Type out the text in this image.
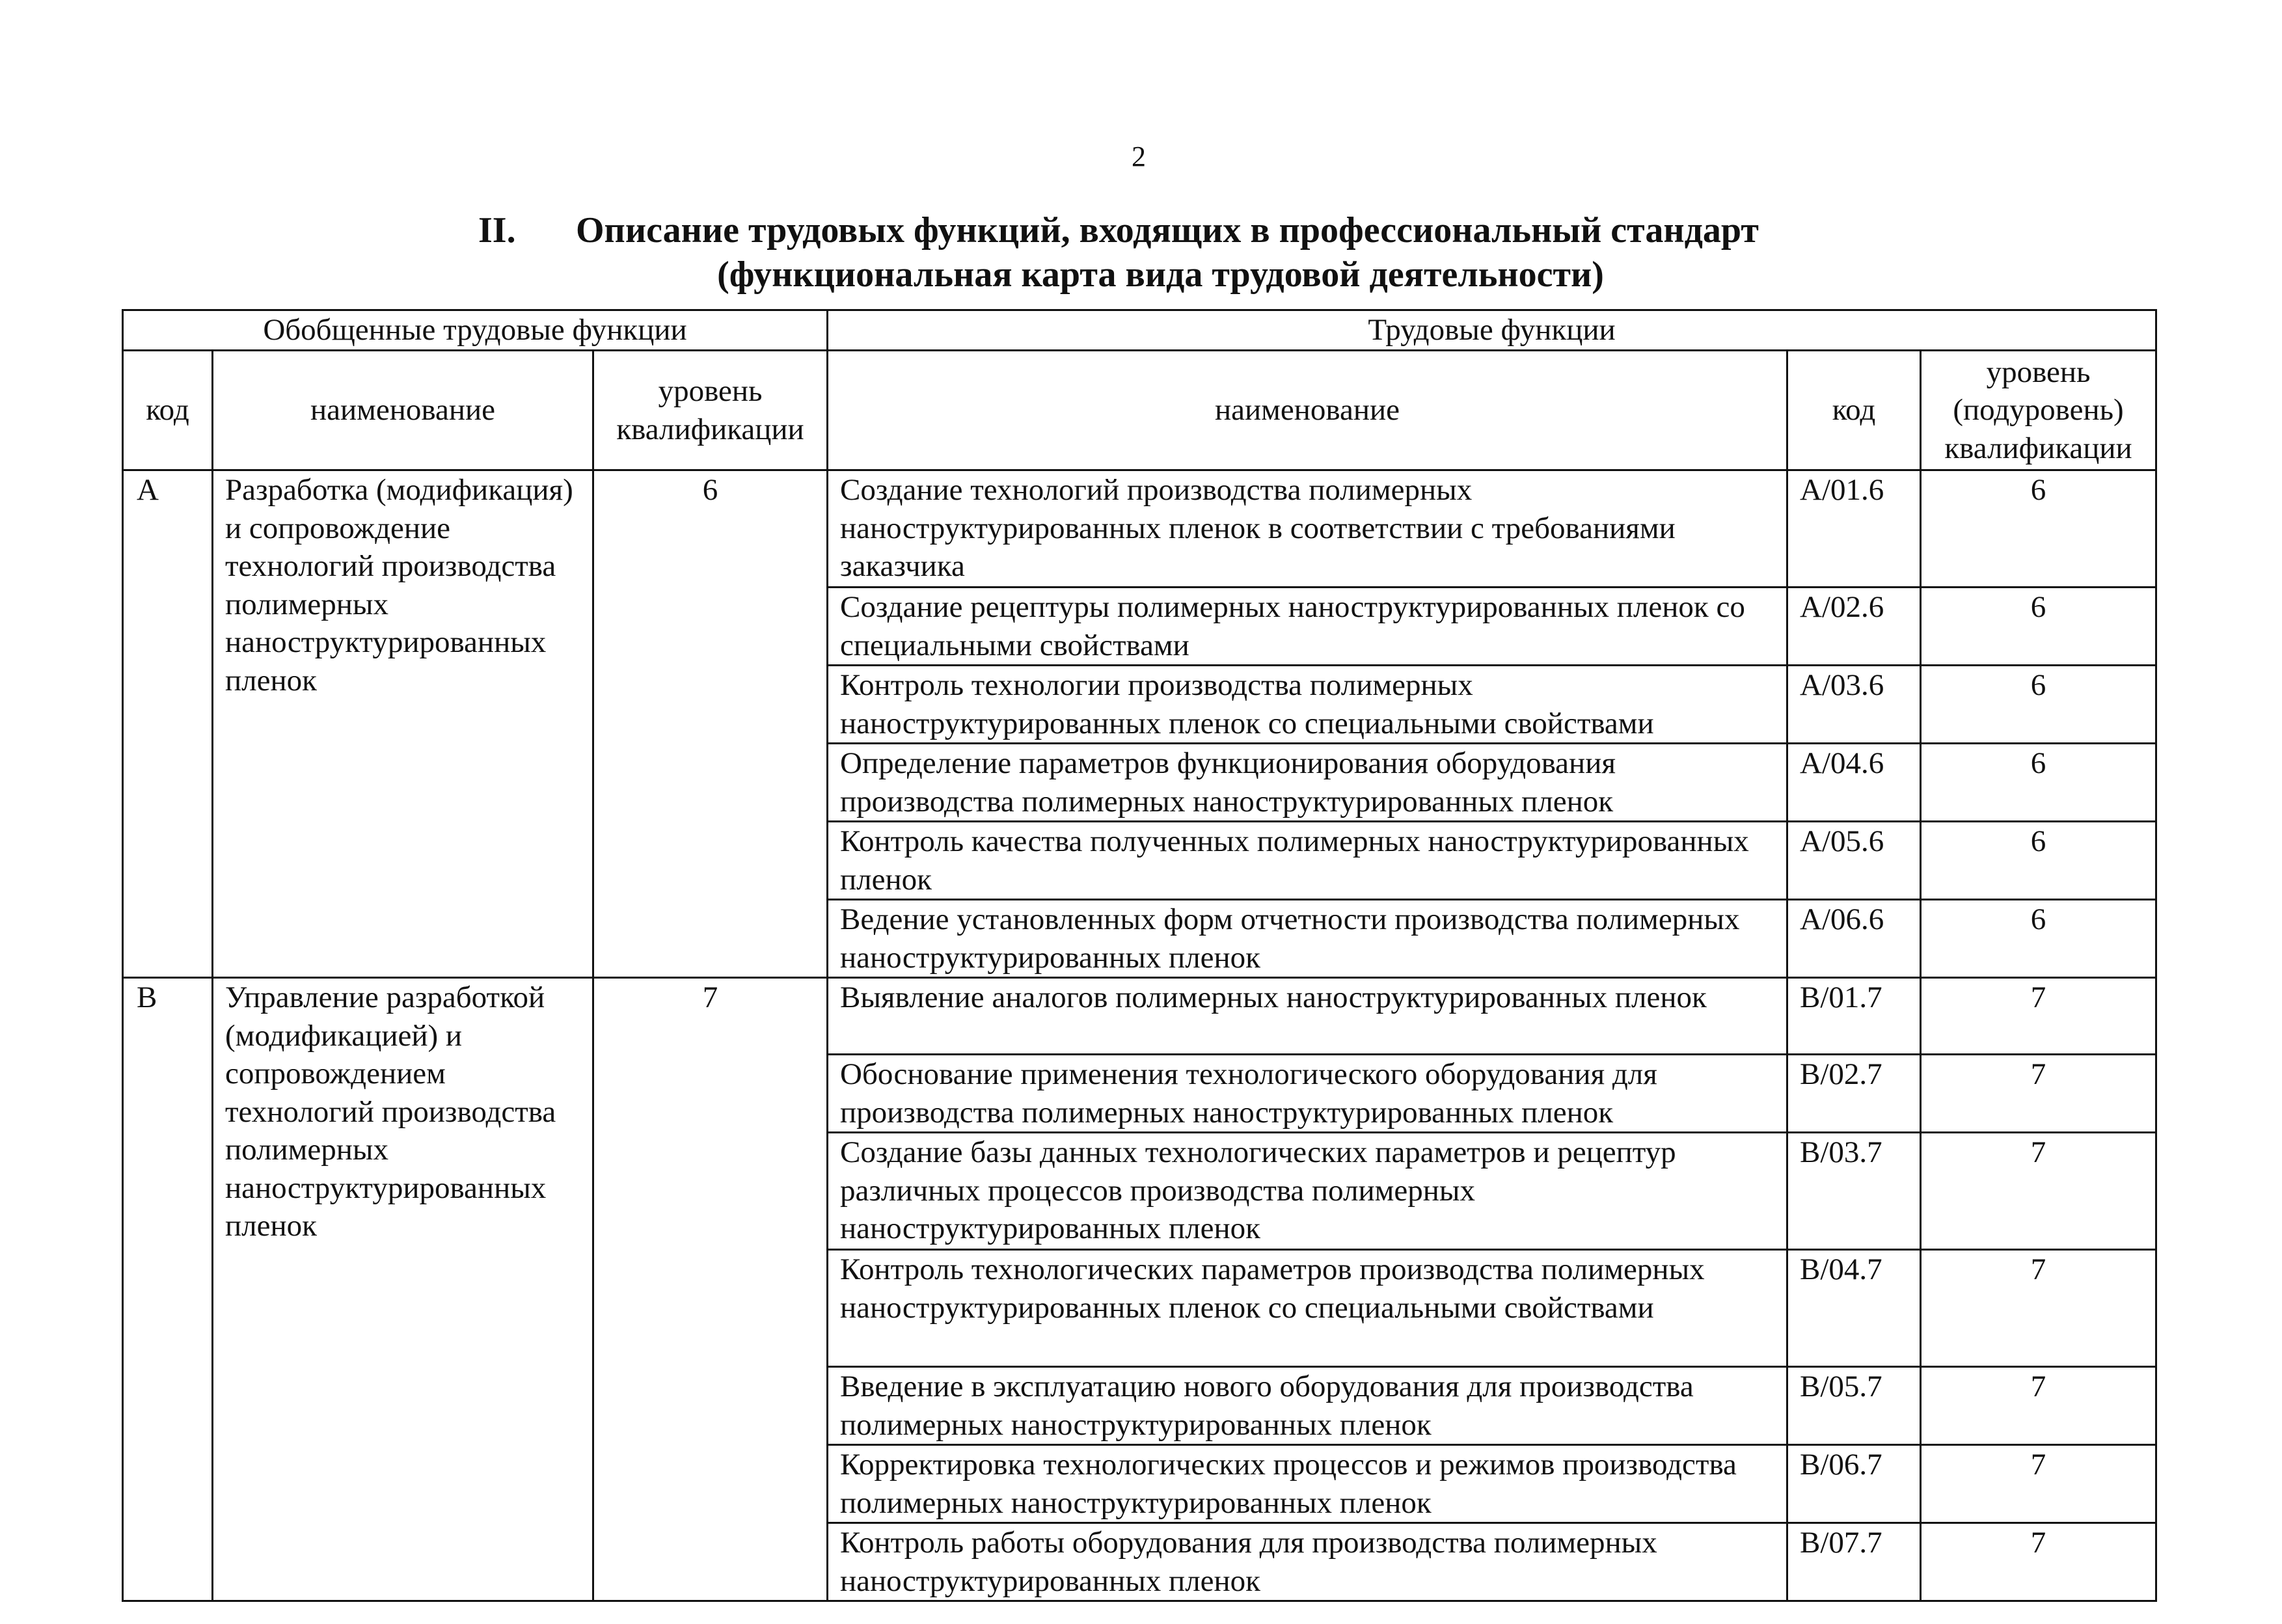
2
II. Описание трудовых функций, входящих в профессиональный стандарт
(функциональная карта вида трудовой деятельности)
Обобщенные трудовые функции			Трудовые функции		
код	наименование	уровень квалификации	наименование	код	уровень (подуровень) квалификации
A	Разработка (модификация) и сопровождение технологий производства полимерных наноструктурированных пленок	6	Создание технологий производства полимерных наноструктурированных пленок в соответствии с требованиями заказчика	A/01.6	6
			Создание рецептуры полимерных наноструктурированных пленок со специальными свойствами	A/02.6	6
			Контроль технологии производства полимерных наноструктурированных пленок со специальными свойствами	A/03.6	6
			Определение параметров функционирования оборудования производства полимерных наноструктурированных пленок	A/04.6	6
			Контроль качества полученных полимерных наноструктурированных пленок	A/05.6	6
			Ведение установленных форм отчетности производства полимерных наноструктурированных пленок	A/06.6	6
B	Управление разработкой (модификацией) и сопровождением технологий производства полимерных наноструктурированных пленок	7	Выявление аналогов полимерных наноструктурированных пленок	B/01.7	7
			Обоснование применения технологического оборудования для производства полимерных наноструктурированных пленок	B/02.7	7
			Создание базы данных технологических параметров и рецептур различных процессов производства полимерных наноструктурированных пленок	B/03.7	7
			Контроль технологических параметров производства полимерных наноструктурированных пленок со специальными свойствами	B/04.7	7
			Введение в эксплуатацию нового оборудования для производства полимерных наноструктурированных пленок	B/05.7	7
			Корректировка технологических процессов и режимов производства полимерных наноструктурированных пленок	B/06.7	7
			Контроль работы оборудования для производства полимерных наноструктурированных пленок	B/07.7	7
